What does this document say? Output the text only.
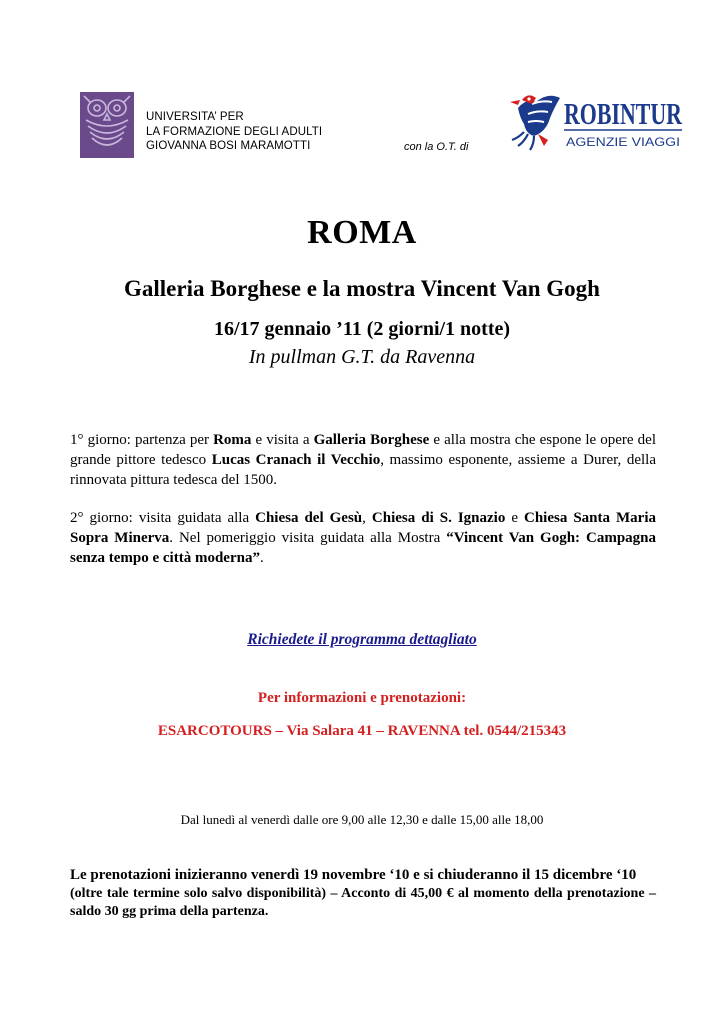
UNIVERSITA’ PER
LA FORMAZIONE DEGLI ADULTI
GIOVANNA BOSI MARAMOTTI	con la O.T. di
ROBINTUR
AGENZIE VIAGGI
ROMA
Galleria Borghese e la mostra Vincent Van Gogh
16/17 gennaio ’11 (2 giorni/1 notte)
In pullman G.T. da Ravenna
1° giorno: partenza per Roma e visita a Galleria Borghese e alla mostra che espone le opere del grande pittore tedesco Lucas Cranach il Vecchio, massimo esponente, assieme a Durer, della rinnovata pittura tedesca del 1500.
2° giorno: visita guidata alla Chiesa del Gesù, Chiesa di S. Ignazio e Chiesa Santa Maria Sopra Minerva. Nel pomeriggio visita guidata alla Mostra “Vincent Van Gogh: Campagna senza tempo e città moderna”.
Richiedete il programma dettagliato
Per informazioni e prenotazioni:
ESARCOTOURS – Via Salara 41 – RAVENNA tel. 0544/215343
Dal lunedì al venerdì dalle ore 9,00 alle 12,30 e dalle 15,00 alle 18,00
Le prenotazioni inizieranno venerdì 19 novembre ‘10 e si chiuderanno il 15 dicembre ‘10
(oltre tale termine solo salvo disponibilità) – Acconto di 45,00 € al momento della prenotazione – saldo 30 gg prima della partenza.
